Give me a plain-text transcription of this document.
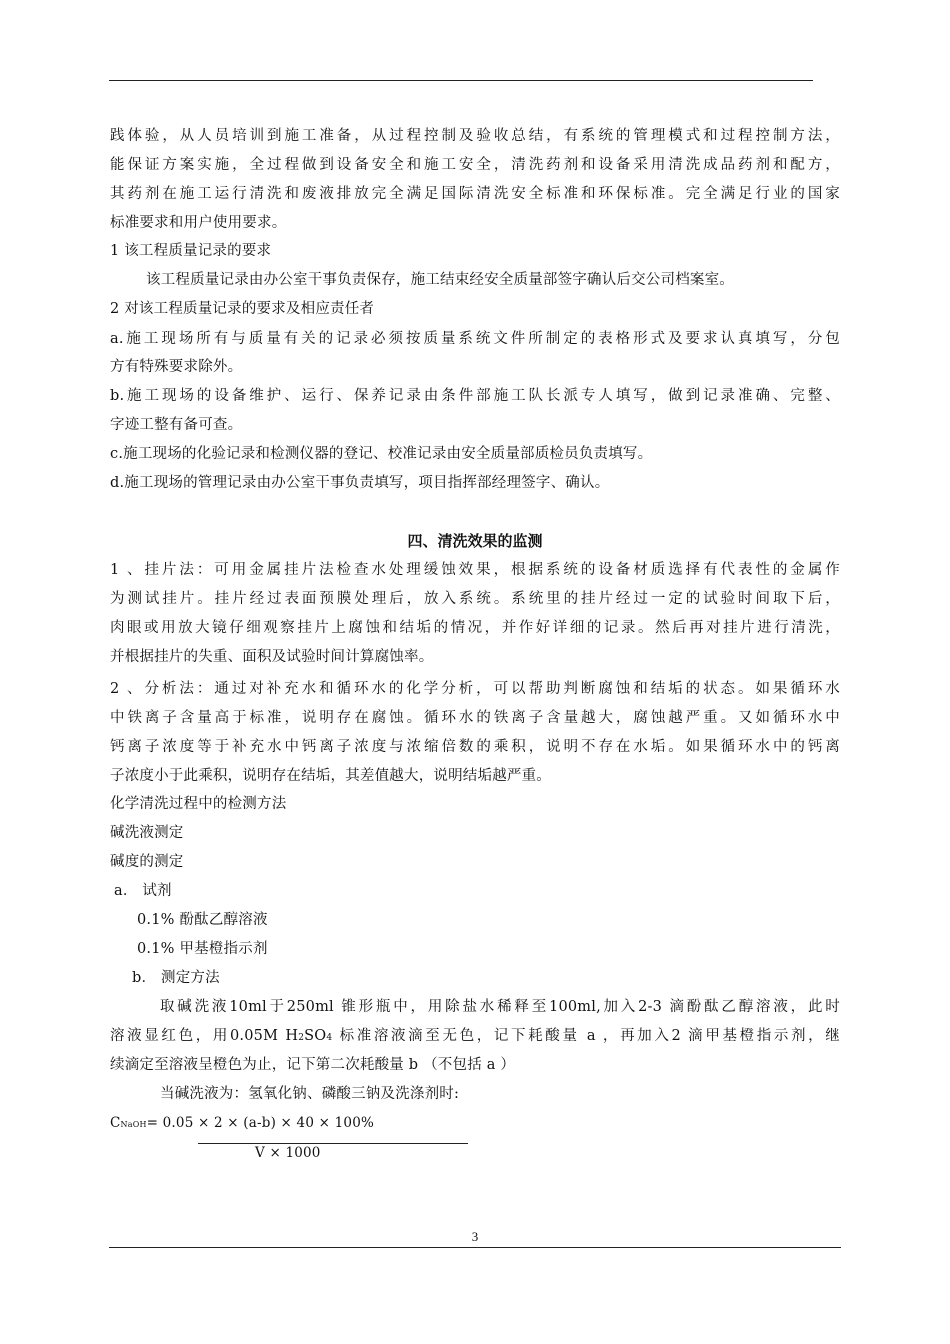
践体验，从人员培训到施工准备，从过程控制及验收总结，有系统的管理模式和过程控制方法，
能保证方案实施，全过程做到设备安全和施工安全，清洗药剂和设备采用清洗成品药剂和配方，
其药剂在施工运行清洗和废液排放完全满足国际清洗安全标准和环保标准。完全满足行业的国家
标准要求和用户使用要求。
1 该工程质量记录的要求
该工程质量记录由办公室干事负责保存，施工结束经安全质量部签字确认后交公司档案室。
2 对该工程质量记录的要求及相应责任者
a.施工现场所有与质量有关的记录必须按质量系统文件所制定的表格形式及要求认真填写，分包
方有特殊要求除外。
b.施工现场的设备维护、运行、保养记录由条件部施工队长派专人填写，做到记录准确、完整、
字迹工整有备可查。
c.施工现场的化验记录和检测仪器的登记、校准记录由安全质量部质检员负责填写。
d.施工现场的管理记录由办公室干事负责填写，项目指挥部经理签字、确认。
四、清洗效果的监测
1 、挂片法：可用金属挂片法检查水处理缓蚀效果，根据系统的设备材质选择有代表性的金属作
为测试挂片。挂片经过表面预膜处理后，放入系统。系统里的挂片经过一定的试验时间取下后，
肉眼或用放大镜仔细观察挂片上腐蚀和结垢的情况，并作好详细的记录。然后再对挂片进行清洗，
并根据挂片的失重、面积及试验时间计算腐蚀率。
2 、分析法：通过对补充水和循环水的化学分析，可以帮助判断腐蚀和结垢的状态。如果循环水
中铁离子含量高于标准，说明存在腐蚀。循环水的铁离子含量越大，腐蚀越严重。又如循环水中
钙离子浓度等于补充水中钙离子浓度与浓缩倍数的乘积，说明不存在水垢。如果循环水中的钙离
子浓度小于此乘积，说明存在结垢，其差值越大，说明结垢越严重。
化学清洗过程中的检测方法
碱洗液测定
碱度的测定
a． 试剂
0.1% 酚酞乙醇溶液
0.1% 甲基橙指示剂
b． 测定方法
取碱洗液10ml于250ml 锥形瓶中，用除盐水稀释至100ml,加入2-3 滴酚酞乙醇溶液，此时
溶液显红色，用0.05M H2SO4 标准溶液滴至无色，记下耗酸量 a ，再加入2 滴甲基橙指示剂，继
续滴定至溶液呈橙色为止，记下第二次耗酸量 b （不包括 a ）
当碱洗液为：氢氧化钠、磷酸三钠及洗涤剂时:
CNaOH= 0.05 × 2 × (a-b) × 40 × 100%
V × 1000
3
